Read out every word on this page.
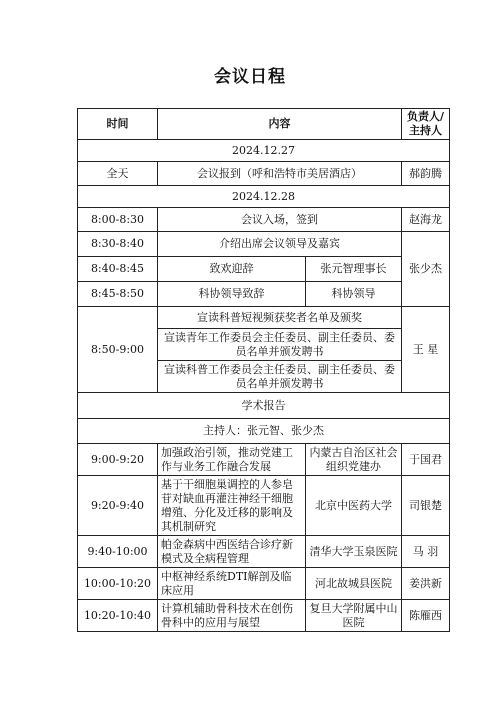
会议日程
时间	内容		负责人/主持人
2024.12.27			
全天	会议报到（呼和浩特市美居酒店）		郝韵腾
2024.12.28			
8:00-8:30	会议入场，签到		赵海龙
8:30-8:40	介绍出席会议领导及嘉宾		张少杰
8:40-8:45	致欢迎辞	张元智理事长	
8:45-8:50	科协领导致辞	科协领导	
8:50-9:00	宣读科普短视频获奖者名单及颁奖		王 星
	宣读青年工作委员会主任委员、副主任委员、委员名单并颁发聘书		
	宣读科普工作委员会主任委员、副主任委员、委员名单并颁发聘书		
学术报告			
主持人：张元智、张少杰			
9:00-9:20	加强政治引领，推动党建工作与业务工作融合发展	内蒙古自治区社会组织党建办	于国君
9:20-9:40	基于干细胞巢调控的人参皂苷对缺血再灌注神经干细胞增殖、分化及迁移的影响及其机制研究	北京中医药大学	司银楚
9:40-10:00	帕金森病中西医结合诊疗新模式及全病程管理	清华大学玉泉医院	马 羽
10:00-10:20	中枢神经系统DTI解剖及临床应用	河北故城县医院	姜洪新
10:20-10:40	计算机辅助骨科技术在创伤骨科中的应用与展望	复旦大学附属中山医院	陈雁西
